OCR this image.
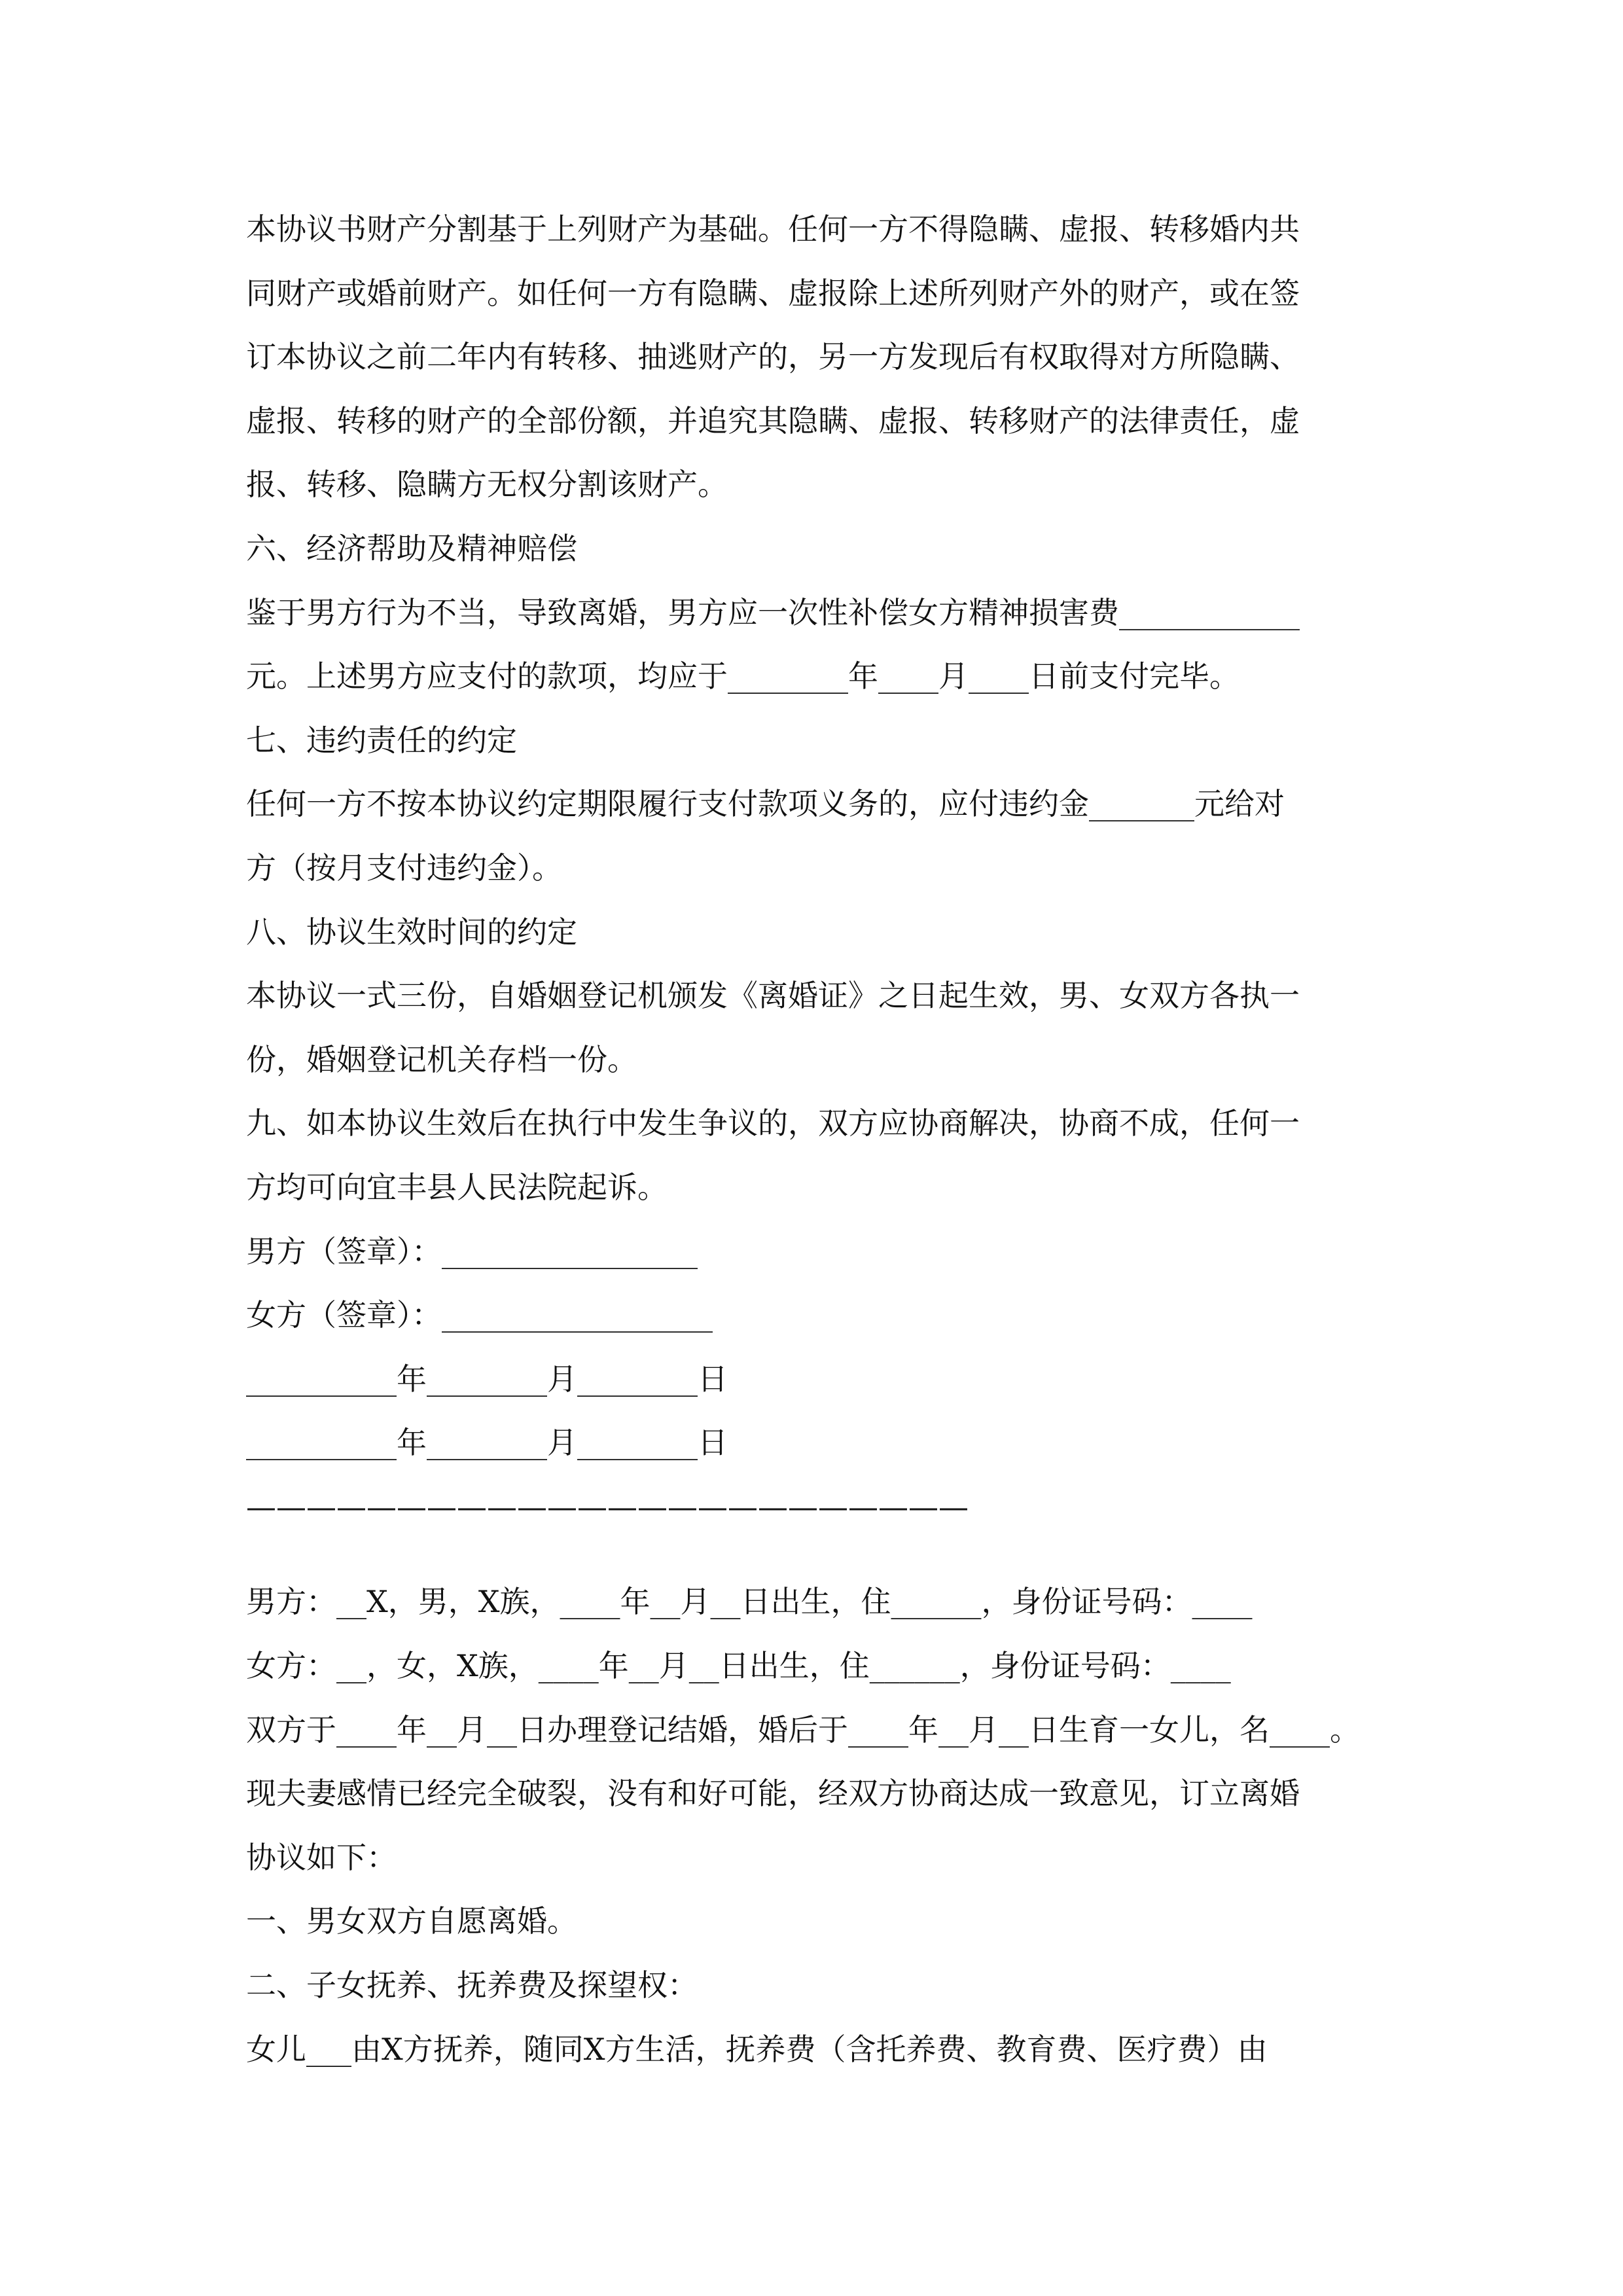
本协议书财产分割基于上列财产为基础。任何一方不得隐瞒、虚报、转移婚内共
同财产或婚前财产。如任何一方有隐瞒、虚报除上述所列财产外的财产，或在签
订本协议之前二年内有转移、抽逃财产的，另一方发现后有权取得对方所隐瞒、
虚报、转移的财产的全部份额，并追究其隐瞒、虚报、转移财产的法律责任，虚
报、转移、隐瞒方无权分割该财产。
六、经济帮助及精神赔偿
鉴于男方行为不当，导致离婚，男方应一次性补偿女方精神损害费____________
元。上述男方应支付的款项，均应于________年____月____日前支付完毕。
七、违约责任的约定
任何一方不按本协议约定期限履行支付款项义务的，应付违约金_______元给对
方（按月支付违约金）。
八、协议生效时间的约定
本协议一式三份，自婚姻登记机颁发《离婚证》之日起生效，男、女双方各执一
份，婚姻登记机关存档一份。
九、如本协议生效后在执行中发生争议的，双方应协商解决，协商不成，任何一
方均可向宜丰县人民法院起诉。
男方（签章）：_________________
女方（签章）：__________________
__________年________月________日
__________年________月________日
————————————————————————
男方：__X，男，X族，____年__月__日出生，住______，身份证号码：____
女方：__，女，X族，____年__月__日出生，住______，身份证号码：____
双方于____年__月__日办理登记结婚，婚后于____年__月__日生育一女儿，名____。
现夫妻感情已经完全破裂，没有和好可能，经双方协商达成一致意见，订立离婚
协议如下：
一、男女双方自愿离婚。
二、子女抚养、抚养费及探望权：
女儿___由X方抚养，随同X方生活，抚养费（含托养费、教育费、医疗费）由
